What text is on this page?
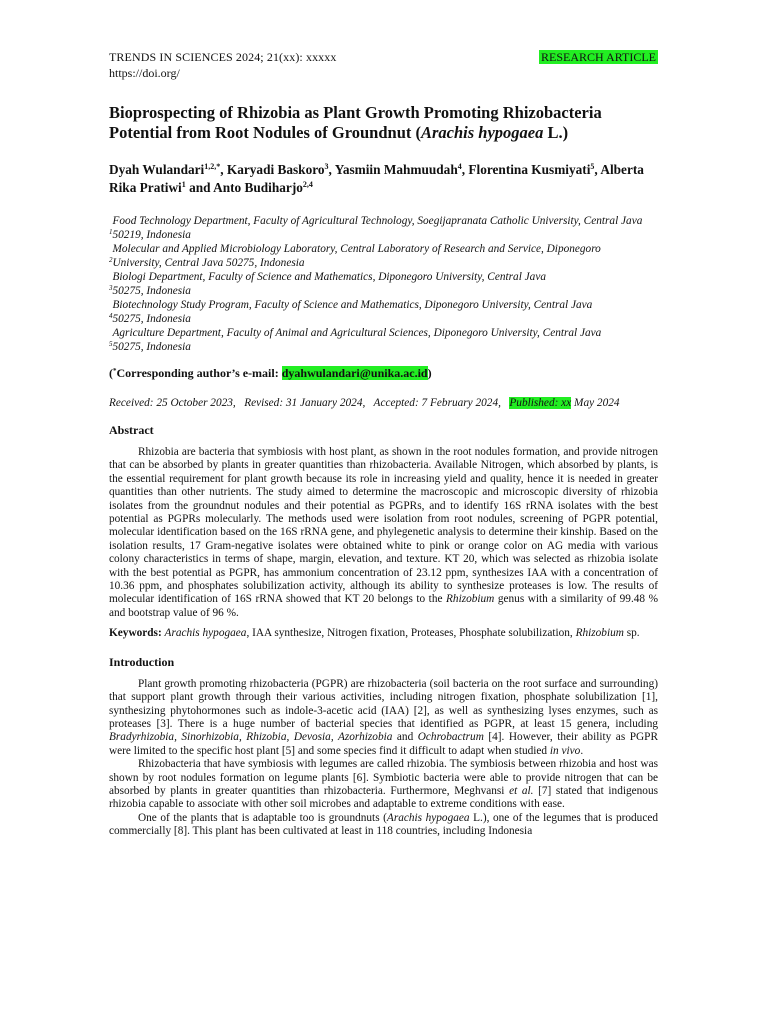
TRENDS IN SCIENCES 2024; 21(xx): xxxxx	RESEARCH ARTICLE
https://doi.org/
Bioprospecting of Rhizobia as Plant Growth Promoting Rhizobacteria Potential from Root Nodules of Groundnut (Arachis hypogaea L.)
Dyah Wulandari$^{1,2,*}$, Karyadi Baskoro$^3$, Yasmiin Mahmuudah$^4$, Florentina Kusmiyati$^5$, Alberta Rika Pratiwi$^1$ and Anto Budiharjo$^{2,4}$

$^1$Food Technology Department, Faculty of Agricultural Technology, Soegijapranata Catholic University, Central Java 50219, Indonesia

$^2$Molecular and Applied Microbiology Laboratory, Central Laboratory of Research and Service, Diponegoro University, Central Java 50275, Indonesia

$^3$Biologi Department, Faculty of Science and Mathematics, Diponegoro University, Central Java 50275, Indonesia

$^4$Biotechnology Study Program, Faculty of Science and Mathematics, Diponegoro University, Central Java 50275, Indonesia

$^5$Agriculture Department, Faculty of Animal and Agricultural Sciences, Diponegoro University, Central Java 50275, Indonesia

(*Corresponding author’s e-mail: dyahwulandari@unika.ac.id)
Received: 25 October 2023,   Revised: 31 January 2024,   Accepted: 7 February 2024,   Published: xx May 2024
Abstract

Rhizobia are bacteria that symbiosis with host plant, as shown in the root nodules formation, and provide nitrogen that can be absorbed by plants in greater quantities than rhizobacteria. Available Nitrogen, which absorbed by plants, is the essential requirement for plant growth because its role in increasing yield and quality, hence it is needed in greater quantities than other nutrients. The study aimed to determine the macroscopic and microscopic diversity of rhizobia isolates from the groundnut nodules and their potential as PGPRs, and to identify 16S rRNA isolates with the best potential as PGPRs molecularly. The methods used were isolation from root nodules, screening of PGPR potential, molecular identification based on the 16S rRNA gene, and phylegenetic analysis to determine their kinship. Based on the isolation results, 17 Gram-negative isolates were obtained white to pink or orange color on AG media with various colony characteristics in terms of shape, margin, elevation, and texture. KT 20, which was selected as rhizobia isolate with the best potential as PGPR, has ammonium concentration of 23.12 ppm, synthesizes IAA with a concentration of 10.36 ppm, and phosphates solubilization activity, although its ability to synthesize proteases is low. The results of molecular identification of 16S rRNA showed that KT 20 belongs to the Rhizobium genus with a similarity of 99.48 % and bootstrap value of 96 %.

Keywords: Arachis hypogaea, IAA synthesize, Nitrogen fixation, Proteases, Phosphate solubilization, Rhizobium sp.

Introduction

Plant growth promoting rhizobacteria (PGPR) are rhizobacteria (soil bacteria on the root surface and surrounding) that support plant growth through their various activities, including nitrogen fixation, phosphate solubilization [1], synthesizing phytohormones such as indole-3-acetic acid (IAA) [2], as well as synthesizing lyses enzymes, such as proteases [3]. There is a huge number of bacterial species that identified as PGPR, at least 15 genera, including Bradyrhizobia, Sinorhizobia, Rhizobia, Devosia, Azorhizobia and Ochrobactrum [4]. However, their ability as PGPR were limited to the specific host plant [5] and some species find it difficult to adapt when studied in vivo.

Rhizobacteria that have symbiosis with legumes are called rhizobia. The symbiosis between rhizobia and host was shown by root nodules formation on legume plants [6]. Symbiotic bacteria were able to provide nitrogen that can be absorbed by plants in greater quantities than rhizobacteria. Furthermore, Meghvansi et al. [7] stated that indigenous rhizobia capable to associate with other soil microbes and adaptable to extreme conditions with ease.

One of the plants that is adaptable too is groundnuts (Arachis hypogaea L.), one of the legumes that is produced commercially [8]. This plant has been cultivated at least in 118 countries, including Indonesia
